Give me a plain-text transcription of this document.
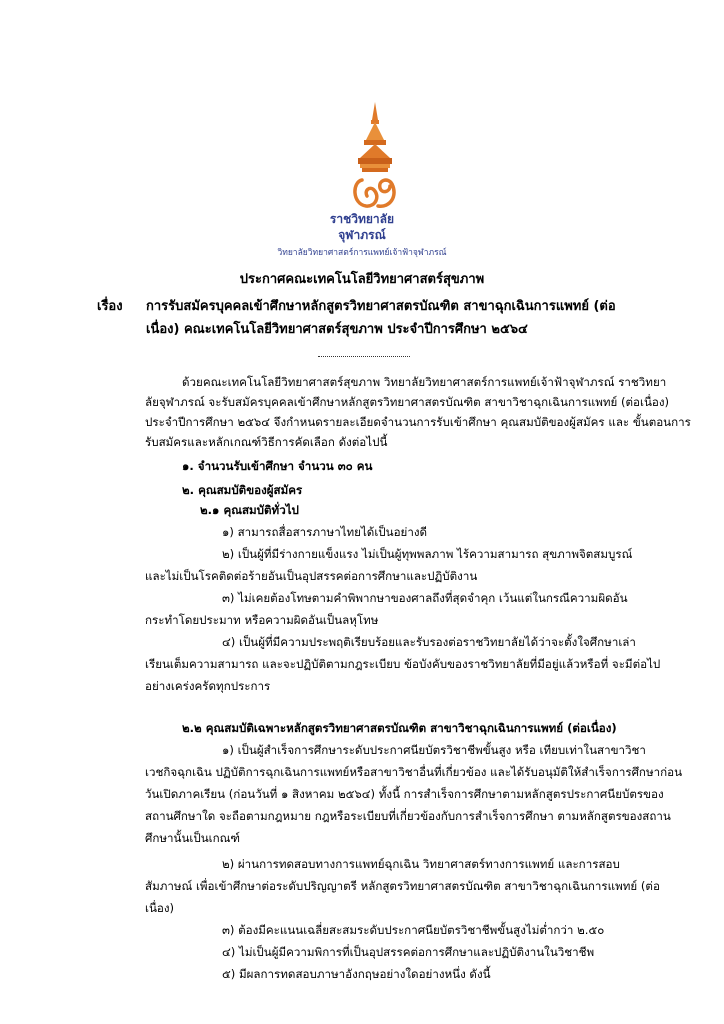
ราชวิทยาลัย
จุฬาภรณ์
วิทยาลัยวิทยาศาสตร์การแพทย์เจ้าฟ้าจุฬาภรณ์
ประกาศคณะเทคโนโลยีวิทยาศาสตร์สุขภาพ
เรื่อง การรับสมัครบุคคลเข้าศึกษาหลักสูตรวิทยาศาสตรบัณฑิต สาขาฉุกเฉินการแพทย์ (ต่อ
เนื่อง) คณะเทคโนโลยีวิทยาศาสตร์สุขภาพ ประจำปีการศึกษา ๒๕๖๔
ด้วยคณะเทคโนโลยีวิทยาศาสตร์สุขภาพ วิทยาลัยวิทยาศาสตร์การแพทย์เจ้าฟ้าจุฬาภรณ์ ราชวิทยา
ลัยจุฬาภรณ์ จะรับสมัครบุคคลเข้าศึกษาหลักสูตรวิทยาศาสตรบัณฑิต สาขาวิชาฉุกเฉินการแพทย์ (ต่อเนื่อง)
ประจำปีการศึกษา ๒๕๖๔ จึงกำหนดรายละเอียดจำนวนการรับเข้าศึกษา คุณสมบัติของผู้สมัคร และ ขั้นตอนการ
รับสมัครและหลักเกณฑ์วิธีการคัดเลือก ดังต่อไปนี้
๑. จำนวนรับเข้าศึกษา จำนวน ๓๐ คน
๒. คุณสมบัติของผู้สมัคร
๒.๑ คุณสมบัติทั่วไป
๑) สามารถสื่อสารภาษาไทยได้เป็นอย่างดี
๒) เป็นผู้ที่มีร่างกายแข็งแรง ไม่เป็นผู้ทุพพลภาพ ไร้ความสามารถ สุขภาพจิตสมบูรณ์
และไม่เป็นโรคติดต่อร้ายอันเป็นอุปสรรคต่อการศึกษาและปฏิบัติงาน
๓) ไม่เคยต้องโทษตามคำพิพากษาของศาลถึงที่สุดจำคุก เว้นแต่ในกรณีความผิดอัน
กระทำโดยประมาท หรือความผิดอันเป็นลหุโทษ
๔) เป็นผู้ที่มีความประพฤติเรียบร้อยและรับรองต่อราชวิทยาลัยได้ว่าจะตั้งใจศึกษาเล่า
เรียนเต็มความสามารถ และจะปฏิบัติตามกฎระเบียบ ข้อบังคับของราชวิทยาลัยที่มีอยู่แล้วหรือที่ จะมีต่อไป
อย่างเคร่งครัดทุกประการ
๒.๒ คุณสมบัติเฉพาะหลักสูตรวิทยาศาสตรบัณฑิต สาขาวิชาฉุกเฉินการแพทย์ (ต่อเนื่อง)
๑) เป็นผู้สำเร็จการศึกษาระดับประกาศนียบัตรวิชาชีพขั้นสูง หรือ เทียบเท่าในสาขาวิชา
เวชกิจฉุกเฉิน ปฏิบัติการฉุกเฉินการแพทย์หรือสาขาวิชาอื่นที่เกี่ยวข้อง และได้รับอนุมัติให้สำเร็จการศึกษาก่อน
วันเปิดภาคเรียน (ก่อนวันที่ ๑ สิงหาคม ๒๕๖๔) ทั้งนี้ การสำเร็จการศึกษาตามหลักสูตรประกาศนียบัตรของ
สถานศึกษาใด จะถือตามกฎหมาย กฎหรือระเบียบที่เกี่ยวข้องกับการสำเร็จการศึกษา ตามหลักสูตรของสถาน
ศึกษานั้นเป็นเกณฑ์
๒) ผ่านการทดสอบทางการแพทย์ฉุกเฉิน วิทยาศาสตร์ทางการแพทย์ และการสอบ
สัมภาษณ์ เพื่อเข้าศึกษาต่อระดับปริญญาตรี หลักสูตรวิทยาศาสตรบัณฑิต สาขาวิชาฉุกเฉินการแพทย์ (ต่อ
เนื่อง)
๓) ต้องมีคะแนนเฉลี่ยสะสมระดับประกาศนียบัตรวิชาชีพขั้นสูงไม่ต่ำกว่า ๒.๕๐
๔) ไม่เป็นผู้มีความพิการที่เป็นอุปสรรคต่อการศึกษาและปฏิบัติงานในวิชาชีพ
๕) มีผลการทดสอบภาษาอังกฤษอย่างใดอย่างหนึ่ง ดังนี้
